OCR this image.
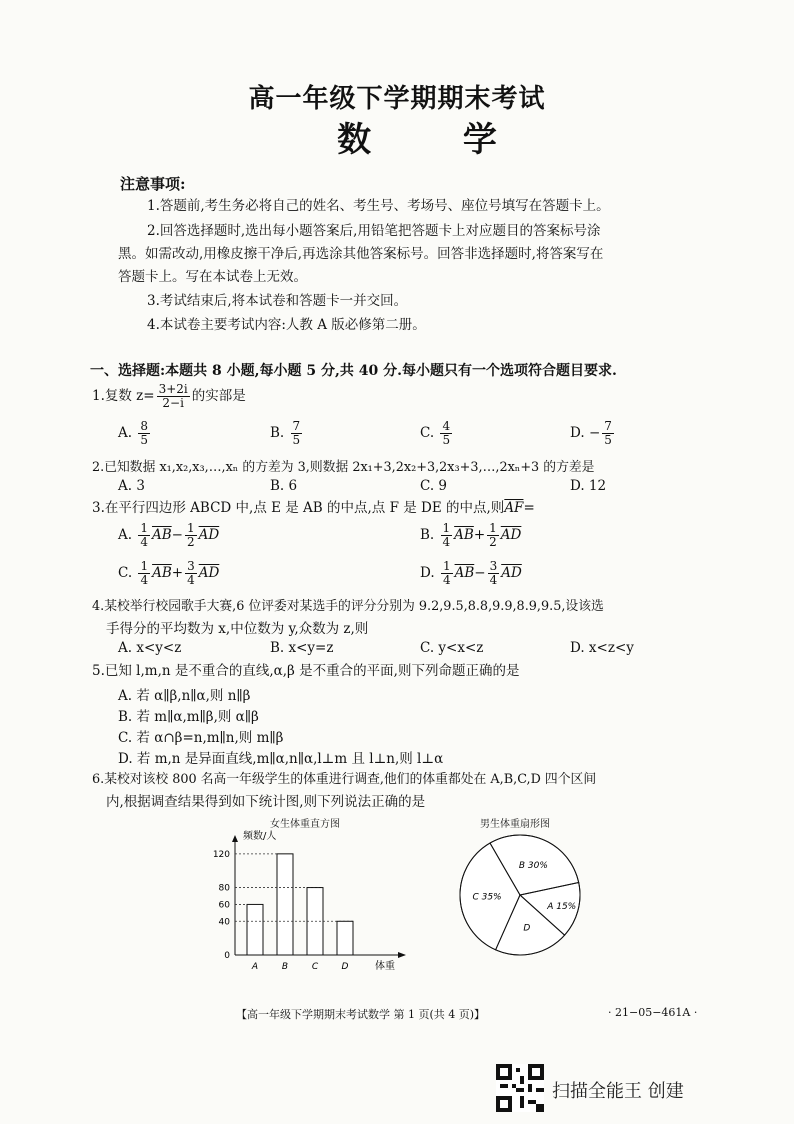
高一年级下学期期末考试
数 学
注意事项:
1.答题前,考生务必将自己的姓名、考生号、考场号、座位号填写在答题卡上。
2.回答选择题时,选出每小题答案后,用铅笔把答题卡上对应题目的答案标号涂
黑。如需改动,用橡皮擦干净后,再选涂其他答案标号。回答非选择题时,将答案写在
答题卡上。写在本试卷上无效。
3.考试结束后,将本试卷和答题卡一并交回。
4.本试卷主要考试内容:人教 A 版必修第二册。
一、选择题:本题共 8 小题,每小题 5 分,共 40 分.每小题只有一个选项符合题目要求.
1.复数 $z= \frac{3+2i}{2-i}$ 的实部是
A. $\frac{8}{5}$	B. $\frac{7}{5}$	C. $\frac{4}{5}$	D. − $\frac{7}{5}$
2.已知数据 x₁,x₂,x₃,…,xₙ 的方差为 3,则数据 2x₁+3,2x₂+3,2x₃+3,…,2xₙ+3 的方差是
A. 3	B. 6	C. 9	D. 12
3.在平行四边形 ABCD 中,点 E 是 AB 的中点,点 F 是 DE 的中点,则$\overline{AF}=$
A. $\frac{1}{4} \overline{AB}- \frac{1}{2} \overline{AD}$	B. $\frac{1}{4} \overline{AB}+ \frac{1}{2} \overline{AD}$
C. $\frac{1}{4} \overline{AB}+ \frac{3}{4} \overline{AD}$	D. $\frac{1}{4} \overline{AB}- \frac{3}{4} \overline{AD}$
4.某校举行校园歌手大赛,6 位评委对某选手的评分分别为 9.2,9.5,8.8,9.9,8.9,9.5,设该选
手得分的平均数为 x,中位数为 y,众数为 z,则
A. x<y<z	B. x<y=z	C. y<x<z	D. x<z<y
5.已知 l,m,n 是不重合的直线,α,β 是不重合的平面,则下列命题正确的是
A. 若 α∥β,n∥α,则 n∥β
B. 若 m∥α,m∥β,则 α∥β
C. 若 α∩β=n,m∥n,则 m∥β
D. 若 m,n 是异面直线,m∥α,n∥α,l⊥m 且 l⊥n,则 l⊥α
6.某校对该校 800 名高一年级学生的体重进行调查,他们的体重都处在 A,B,C,D 四个区间
内,根据调查结果得到如下统计图,则下列说法正确的是
女生体重直方图
频数/人
体重
0
40
60
80
120
A	B	C	D
男生体重扇形图
B 30%
A 15%
D
C 35%
【高一年级下学期期末考试数学 第 1 页(共 4 页)】	· 21−05−461A ·
扫描全能王 创建
